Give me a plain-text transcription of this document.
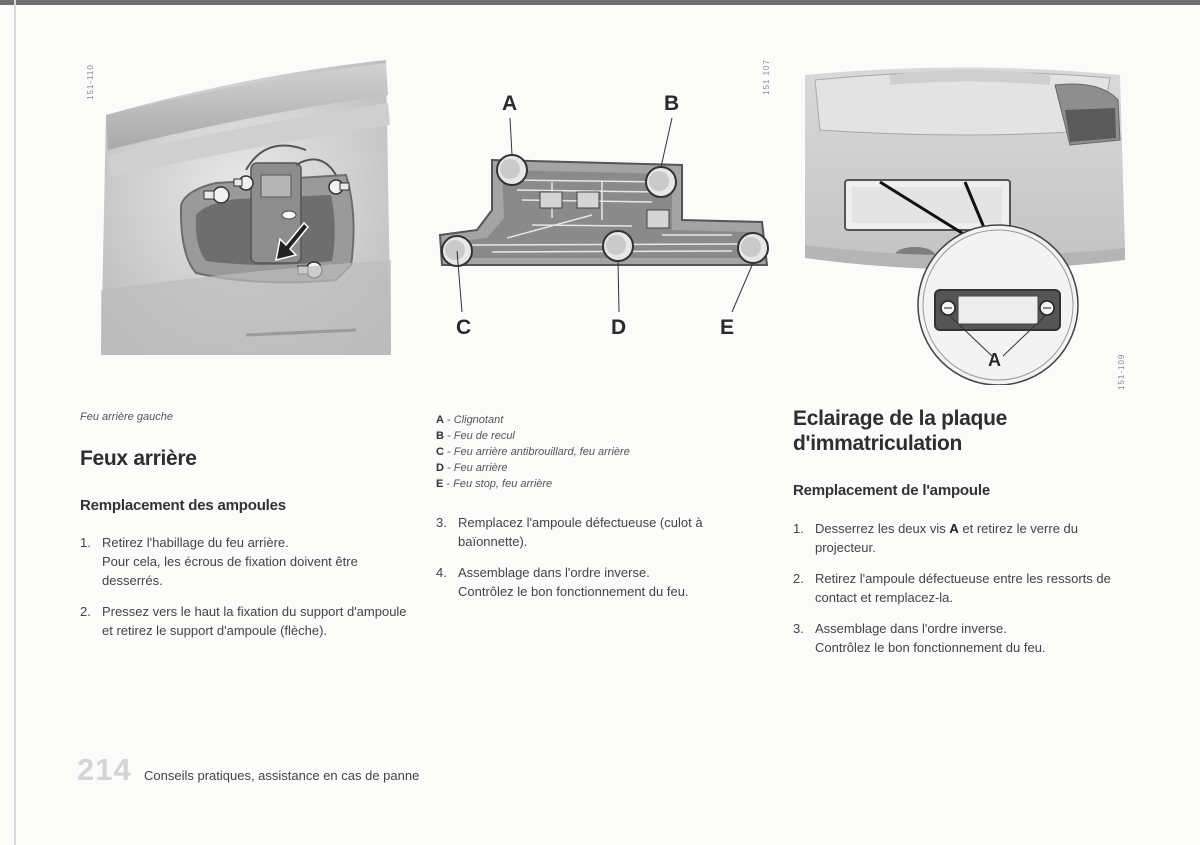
151-110
Feu arrière gauche
151 107
A	B
C	D	E
151-109
A
Feux arrière
Remplacement des ampoules
1. Retirez l'habillage du feu arrière.
Pour cela, les écrous de fixation doivent être desserrés.
2. Pressez vers le haut la fixation du support d'ampoule et retirez le support d'ampoule (flèche).
A - Clignotant
B - Feu de recul
C - Feu arrière antibrouillard, feu arrière
D - Feu arrière
E - Feu stop, feu arrière
3. Remplacez l'ampoule défectueuse (culot à baïonnette).
4. Assemblage dans l'ordre inverse.
Contrôlez le bon fonctionnement du feu.
Eclairage de la plaque d'immatriculation
Remplacement de l'ampoule
1. Desserrez les deux vis A et retirez le verre du projecteur.
2. Retirez l'ampoule défectueuse entre les ressorts de contact et remplacez-la.
3. Assemblage dans l'ordre inverse.
Contrôlez le bon fonctionnement du feu.
214 Conseils pratiques, assistance en cas de panne
